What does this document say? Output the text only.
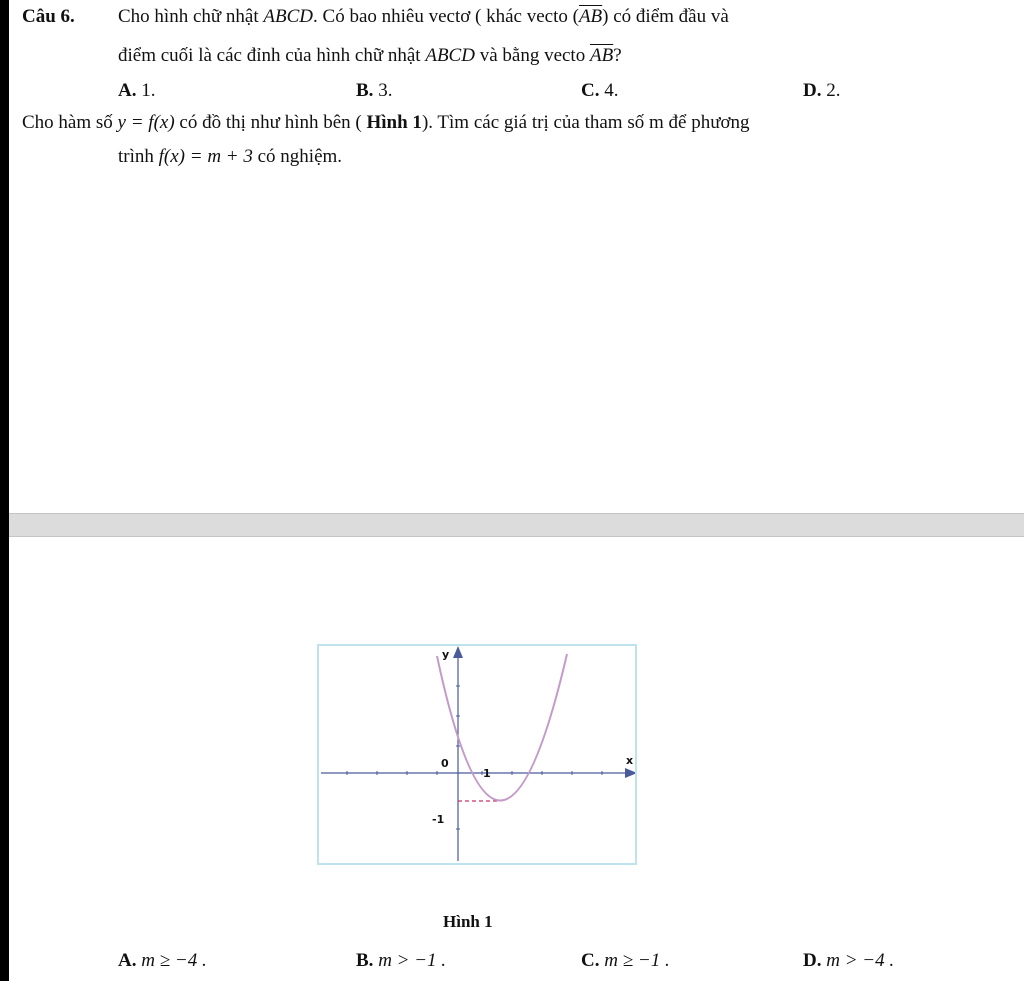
Câu 6. Cho hình chữ nhật ABCD. Có bao nhiêu vectơ ( khác vecto $(\overline{AB})$ có điểm đầu và
điểm cuối là các đỉnh của hình chữ nhật ABCD và bằng vecto $\overline{AB}$?
A. 1.	B. 3.	C. 4.	D. 2.
Cho hàm số y = f(x) có đồ thị như hình bên ( Hình 1). Tìm các giá trị của tham số m để phương
trình f(x) = m + 3 có nghiệm.
y
x
0
1
-1
Hình 1
A. m ≥ −4 .	B. m > −1 .	C. m ≥ −1 .	D. m > −4 .
